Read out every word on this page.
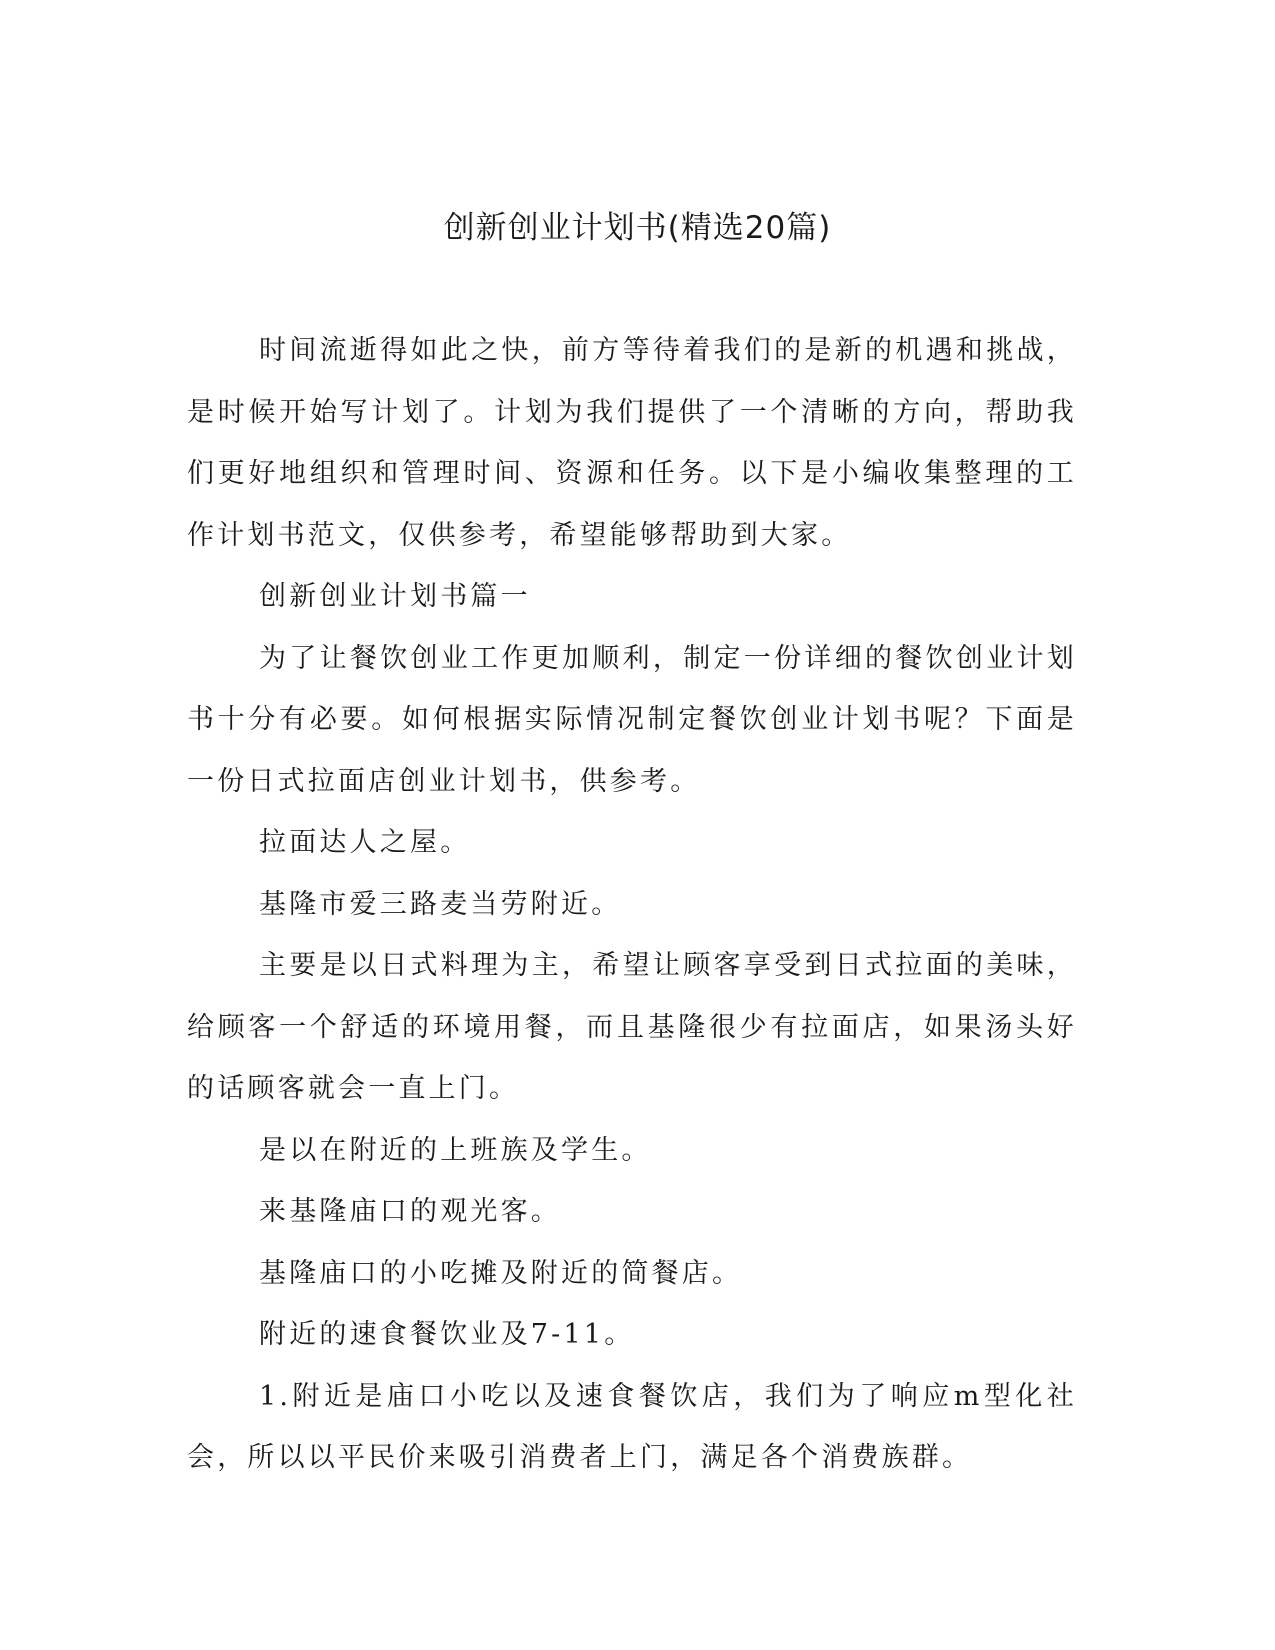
创新创业计划书(精选20篇)

时间流逝得如此之快，前方等待着我们的是新的机遇和挑战，是时候开始写计划了。计划为我们提供了一个清晰的方向，帮助我们更好地组织和管理时间、资源和任务。以下是小编收集整理的工作计划书范文，仅供参考，希望能够帮助到大家。

创新创业计划书篇一

为了让餐饮创业工作更加顺利，制定一份详细的餐饮创业计划书十分有必要。如何根据实际情况制定餐饮创业计划书呢？下面是一份日式拉面店创业计划书，供参考。

拉面达人之屋。

基隆市爱三路麦当劳附近。

主要是以日式料理为主，希望让顾客享受到日式拉面的美味，给顾客一个舒适的环境用餐，而且基隆很少有拉面店，如果汤头好的话顾客就会一直上门。

是以在附近的上班族及学生。

来基隆庙口的观光客。

基隆庙口的小吃摊及附近的简餐店。

附近的速食餐饮业及7-11。

1.附近是庙口小吃以及速食餐饮店，我们为了响应m型化社会，所以以平民价来吸引消费者上门，满足各个消费族群。
